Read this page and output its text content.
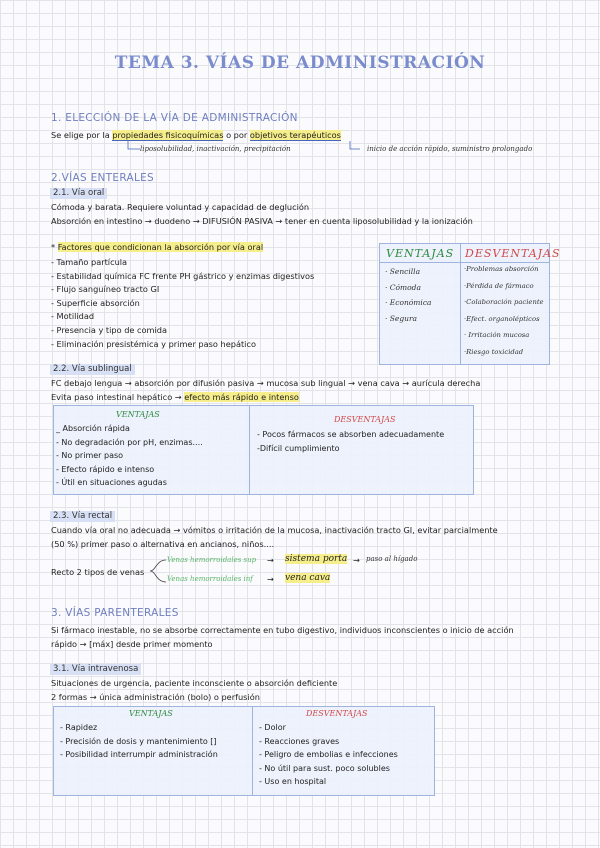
TEMA 3. VÍAS DE ADMINISTRACIÓN
1. ELECCIÓN DE LA VÍA DE ADMINISTRACIÓN
Se elige por la propiedades fisicoquímicas o por objetivos terapéuticos
liposolubilidad, inactivación, precipitación	inicio de acción rápido, suministro prolongado
2.VÍAS ENTERALES
2.1. Vía oral
Cómoda y barata. Requiere voluntad y capacidad de deglución
Absorción en intestino → duodeno → DIFUSIÓN PASIVA → tener en cuenta liposolubilidad y la ionización
* Factores que condicionan la absorción por vía oral
- Tamaño partícula
- Estabilidad química FC frente PH gástrico y enzimas digestivos
- Flujo sanguíneo tracto GI
- Superficie absorción
- Motilidad
- Presencia y tipo de comida
- Eliminación presistémica y primer paso hepático
VENTAJAS DESVENTAJAS
· Sencilla
· Cómoda
· Económica
· Segura
·Problemas absorción
·Pérdida de fármaco
·Colaboración paciente
·Efect. organolépticos
· Irritación mucosa
·Riesgo toxicidad
2.2. Vía sublingual
FC debajo lengua → absorción por difusión pasiva → mucosa sub lingual → vena cava → aurícula derecha
Evita paso intestinal hepático → efecto más rápido e intenso
VENTAJAS
DESVENTAJAS
_ Absorción rápida
- No degradación por pH, enzimas....
- No primer paso
- Efecto rápido e intenso
- Útil en situaciones agudas
- Pocos fármacos se absorben adecuadamente
-Difícil cumplimiento
2.3. Vía rectal
Cuando vía oral no adecuada → vómitos o irritación de la mucosa, inactivación tracto GI, evitar parcialmente
(50 %) primer paso o alternativa en ancianos, niños....
Recto 2 tipos de venas
Venas hemorroidales sup → sistema porta → paso al hígado
Venas hemorroidales inf → vena cava
3. VÍAS PARENTERALES
Si fármaco inestable, no se absorbe correctamente en tubo digestivo, individuos inconscientes o inicio de acción
rápido → [máx] desde primer momento
3.1. Vía intravenosa
Situaciones de urgencia, paciente inconsciente o absorción deficiente
2 formas → única administración (bolo) o perfusión
VENTAJAS	DESVENTAJAS
- Rapidez
- Precisión de dosis y mantenimiento []
- Posibilidad interrumpir administración
- Dolor
- Reacciones graves
- Peligro de embolias e infecciones
- No útil para sust. poco solubles
- Uso en hospital
